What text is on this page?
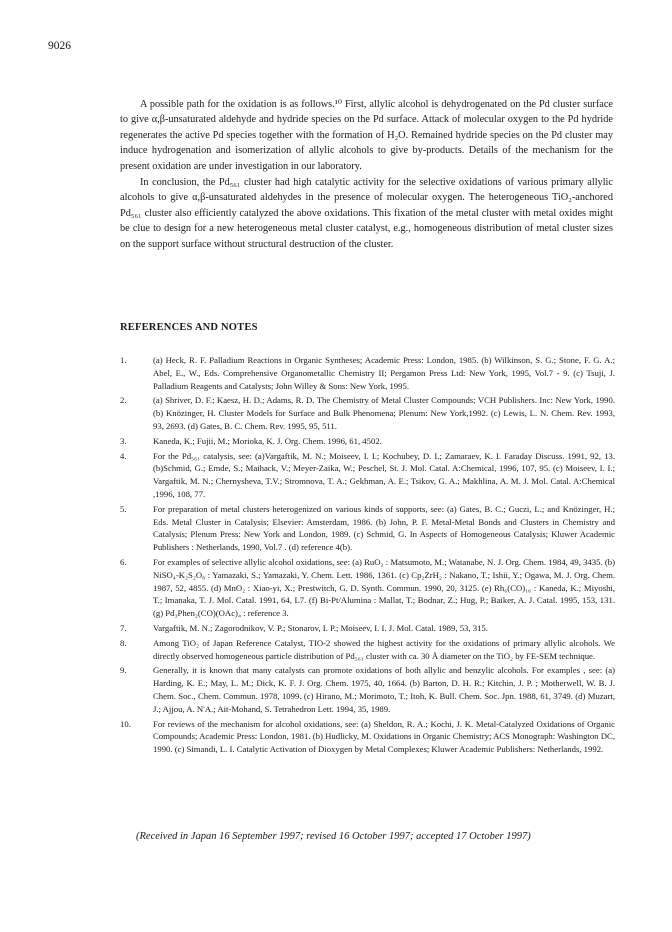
9026

A possible path for the oxidation is as follows.¹⁰ First, allylic alcohol is dehydrogenated on the Pd cluster surface to give α,β-unsaturated aldehyde and hydride species on the Pd surface. Attack of molecular oxygen to the Pd hydride regenerates the active Pd species together with the formation of H₂O. Remained hydride species on the Pd cluster may induce hydrogenation and isomerization of allylic alcohols to give by-products. Details of the mechanism for the present oxidation are under investigation in our laboratory.

In conclusion, the Pd₅₆₁ cluster had high catalytic activity for the selective oxidations of various primary allylic alcohols to give α,β-unsaturated aldehydes in the presence of molecular oxygen. The heterogeneous TiO₂-anchored Pd₅₆₁ cluster also efficiently catalyzed the above oxidations. This fixation of the metal cluster with metal oxides might be clue to design for a new heterogeneous metal cluster catalyst, e.g., homogeneous distribution of metal cluster sizes on the support surface without structural destruction of the cluster.

REFERENCES AND NOTES
1.	(a) Heck, R. F. Palladium Reactions in Organic Syntheses; Academic Press: London, 1985. (b) Wilkinson, S. G.; Stone, F. G. A.; Abel, E., W., Eds. Comprehensive Organometallic Chemistry II; Pergamon Press Ltd: New York, 1995, Vol.7 - 9. (c) Tsuji, J. Palladium Reagents and Catalysts; John Willey & Sons: New York, 1995.
2.	(a) Shriver, D. F.; Kaesz, H. D.; Adams, R. D. The Chemistry of Metal Cluster Compounds; VCH Publishers. Inc: New York, 1990. (b) Knözinger, H. Cluster Models for Surface and Bulk Phenomena; Plenum: New York,1992. (c) Lewis, L. N. Chem. Rev. 1993, 93, 2693. (d) Gates, B. C. Chem. Rev. 1995, 95, 511.
3.	Kaneda, K.; Fujii, M.; Morioka, K. J. Org. Chem. 1996, 61, 4502.
4.	For the Pd₅₆₁ catalysis, see: (a)Vargaftik, M. N.; Moiseev, I. I.; Kochubey, D. I.; Zamaraev, K. I. Faraday Discuss. 1991, 92, 13. (b)Schmid, G.; Emde, S.; Maihack, V.; Meyer-Zaika, W.; Peschel, St. J. Mol. Catal. A:Chemical, 1996, 107, 95. (c) Moiseev, I. I.; Vargaftik, M. N.; Chernysheva, T.V.; Stromnova, T. A.; Gekhman, A. E.; Tsikov, G. A.; Makhlina, A. M. J. Mol. Catal. A:Chemical ,1996, 108, 77.
5.	For preparation of metal clusters heterogenized on various kinds of supports, see: (a) Gates, B. C.; Guczi, L.; and Knözinger, H.; Eds. Metal Cluster in Catalysis; Elsevier: Amsterdam, 1986. (b) John, P. F. Metal-Metal Bonds and Clusters in Chemistry and Catalysis; Plenum Press: New York and London, 1989. (c) Schmid, G. In Aspects of Homogeneous Catalysis; Kluwer Academic Publishers : Netherlands, 1990, Vol.7 . (d) reference 4(b).
6.	For examples of selective allylic alcohol oxidations, see: (a) RuO₂ : Matsumoto, M.; Watanabe, N. J. Org. Chem. 1984, 49, 3435. (b) NiSO₄-K₂S₂O₈ : Yamazaki, S.; Yamazaki, Y. Chem. Lett. 1986, 1361. (c) Cp₂ZrH₂ : Nakano, T.; Ishii, Y.; Ogawa, M. J. Org. Chem. 1987, 52, 4855. (d) MnO₂ : Xiao-yi, X.; Prestwitch, G. D. Synth. Commun. 1990, 20, 3125. (e) Rh₆(CO)₁₆ : Kaneda, K.; Miyoshi, T.; Imanaka, T. J. Mol. Catal. 1991, 64, L7. (f) Bi-Pt/Alumina : Mallat, T.; Bodnar, Z.; Hug, P.; Baiker, A. J. Catal. 1995, 153, 131. (g) Pd₃Phen₂(CO)(OAc)₄ : reference 3.
7.	Vargaftik, M. N.; Zagorodnikov, V. P.; Stonarov, I. P.; Moiseev, I. I. J. Mol. Catal. 1989, 53, 315.
8.	Among TiO₂ of Japan Reference Catalyst, TIO-2 showed the highest activity for the oxidations of primary allylic alcohols. We directly observed homogeneous particle distribution of Pd₅₆₁ cluster with ca. 30 Å diameter on the TiO₂ by FE-SEM technique.
9.	Generally, it is known that many catalysts can promote oxidations of both allylic and benzylic alcohols. For examples , see: (a) Harding, K. E.; May, L. M.; Dick, K. F. J. Org. Chem. 1975, 40, 1664. (b) Barton, D. H. R.; Kitchin, J. P. ; Motherwell, W. B. J. Chem. Soc., Chem. Commun. 1978, 1099. (c) Hirano, M.; Morimoto, T.; Itoh, K. Bull. Chem. Soc. Jpn. 1988, 61, 3749. (d) Muzart, J.; Ajjou, A. N'A.; Ait-Mohand, S. Tetrahedron Lett. 1994, 35, 1989.
10.	For reviews of the mechanism for alcohol oxidations, see: (a) Sheldon, R. A.; Kochi, J. K. Metal-Catalyzed Oxidations of Organic Compounds; Academic Press: London, 1981. (b) Hudlicky, M. Oxidations in Organic Chemistry; ACS Monograph: Washington DC, 1990. (c) Simandi, L. I. Catalytic Activation of Dioxygen by Metal Complexes; Kluwer Academic Publishers: Netherlands, 1992.
(Received in Japan 16 September 1997; revised 16 October 1997; accepted 17 October 1997)
